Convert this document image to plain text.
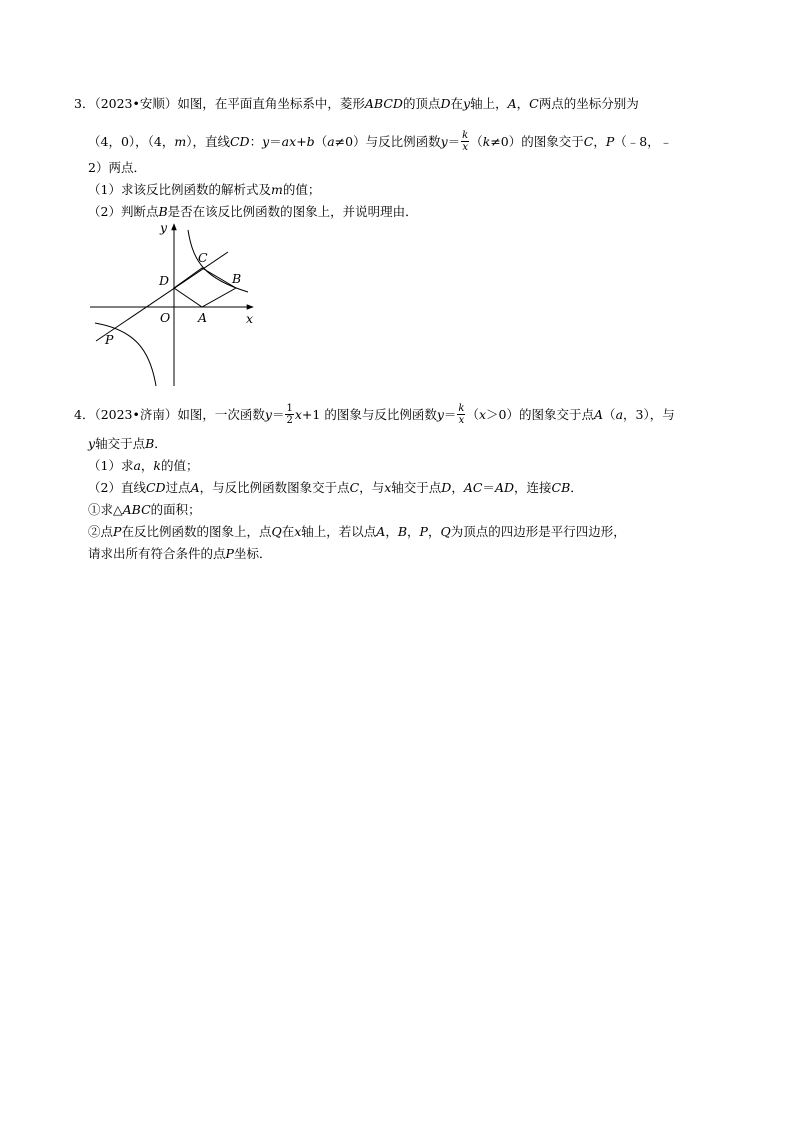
3．（2023•安顺）如图，在平面直角坐标系中，菱形ABCD的顶点D在y轴上，A，C两点的坐标分别为
（4，0），（4，m），直线CD：y＝ax+b（a≠0）与反比例函数$y= \frac{k}{x} (k\ne 0)$的图象交于C，P（﹣8，﹣
2）两点．
（1）求该反比例函数的解析式及m的值；
（2）判断点B是否在该反比例函数的图象上，并说明理由．
y
x
C
B
D
O A
P
4．（2023•济南）如图，一次函数$y= \frac{1}{2} x+1$ 的图象与反比例函数$y= \frac{k}{x} (x>0)$的图象交于点A（a，3），与
y轴交于点B．
（1）求a，k的值；
（2）直线CD过点A，与反比例函数图象交于点C，与x轴交于点D，AC＝AD，连接CB．
①求△ABC的面积；
②点P在反比例函数的图象上，点Q在x轴上，若以点A，B，P，Q为顶点的四边形是平行四边形，
请求出所有符合条件的点P坐标．
